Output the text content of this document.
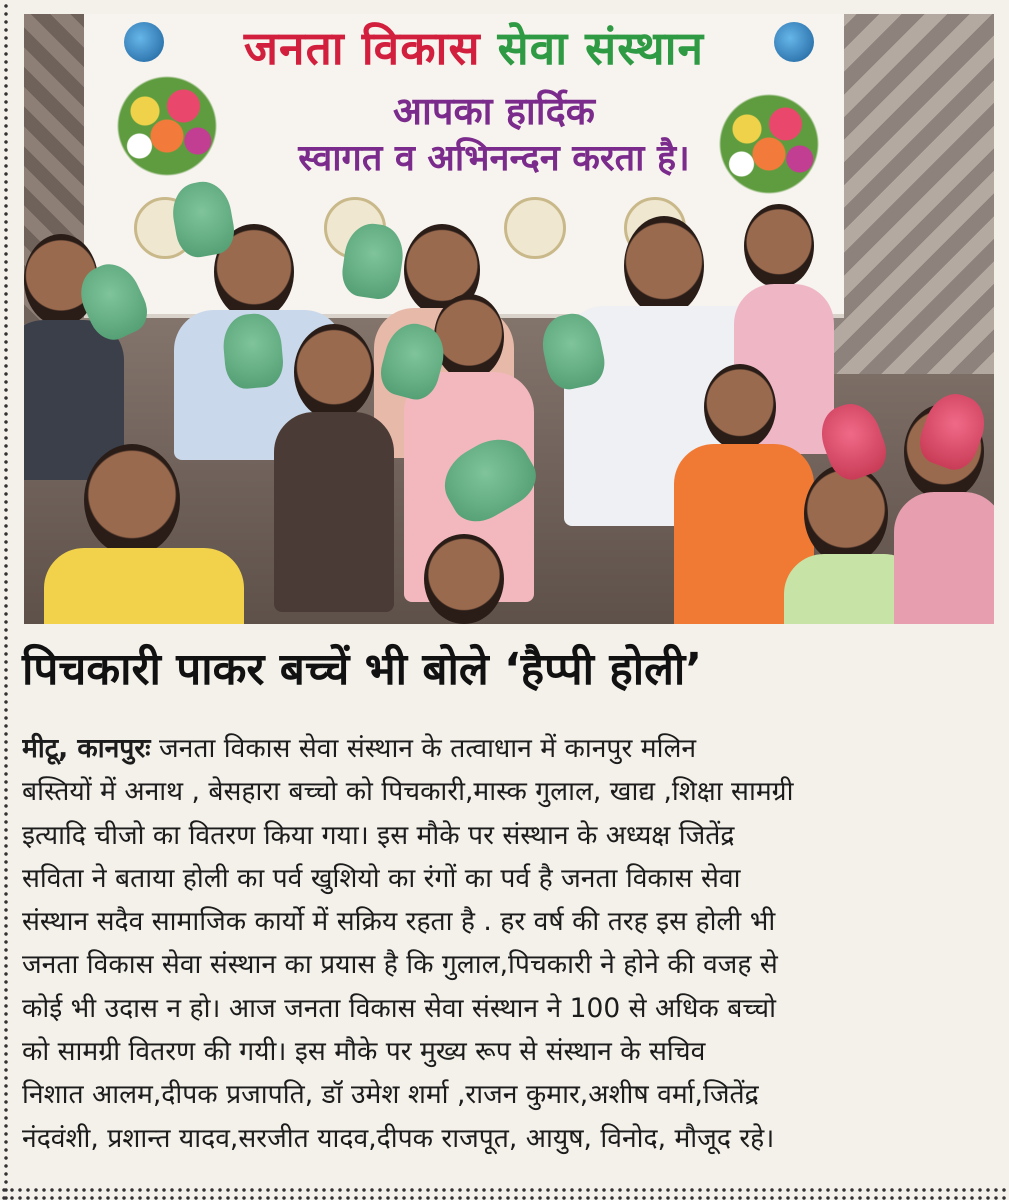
जनता विकास सेवा संस्थान
आपका हार्दिक
स्वागत व अभिनन्दन करता है।
पिचकारी पाकर बच्चें भी बोले ‘हैप्पी होली’
मीटू, कानपुरः जनता विकास सेवा संस्थान के तत्वाधान में कानपुर मलिन
बस्तियों में अनाथ , बेसहारा बच्चो को पिचकारी,मास्क गुलाल, खाद्य ,शिक्षा सामग्री
इत्यादि चीजो का वितरण किया गया। इस मौके पर संस्थान के अध्यक्ष जितेंद्र
सविता ने बताया होली का पर्व खुशियो का रंगों का पर्व है जनता विकास सेवा
संस्थान सदैव सामाजिक कार्यो में सक्रिय रहता है . हर वर्ष की तरह इस होली भी
जनता विकास सेवा संस्थान का प्रयास है कि गुलाल,पिचकारी ने होने की वजह से
कोई भी उदास न हो। आज जनता विकास सेवा संस्थान ने 100 से अधिक बच्चो
को सामग्री वितरण की गयी। इस मौके पर मुख्य रूप से संस्थान के सचिव
निशात आलम,दीपक प्रजापति, डॉ उमेश शर्मा ,राजन कुमार,अशीष वर्मा,जितेंद्र
नंदवंशी, प्रशान्त यादव,सरजीत यादव,दीपक राजपूत, आयुष, विनोद, मौजूद रहे।
